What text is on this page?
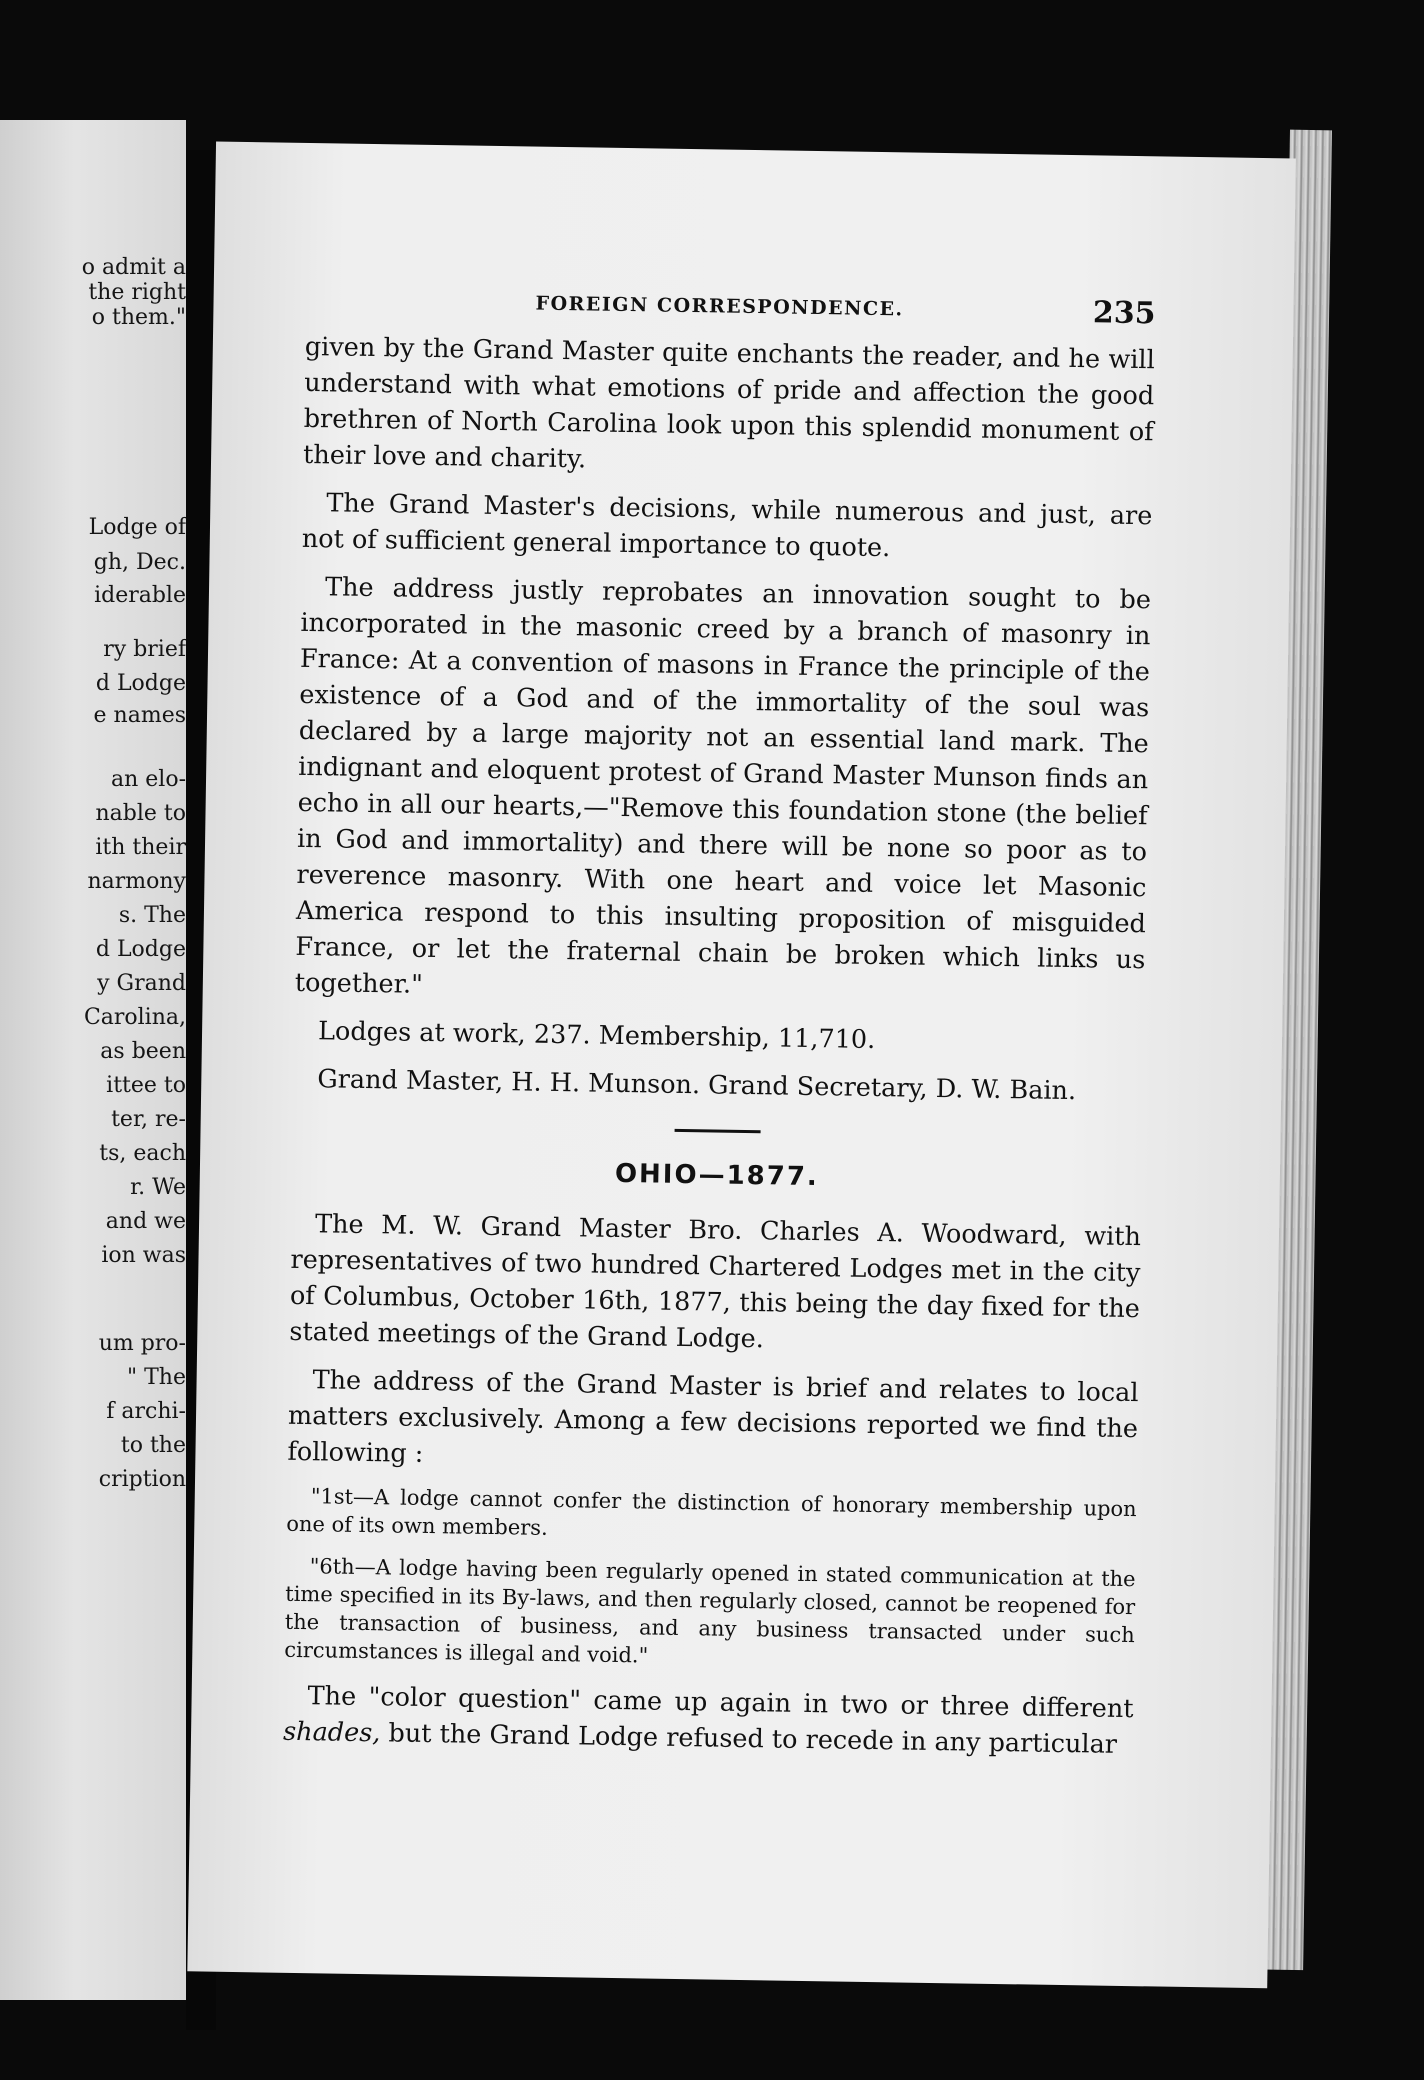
o admit a
the right
o them."
Lodge of
gh, Dec.
iderable
ry brief
d Lodge
e names
an elo-
nable to
ith their
narmony
s. The
d Lodge
y Grand
Carolina,
as been
ittee to
ter, re-
ts, each
r. We
and we
ion was
um pro-
" The
f archi-
to the
cription
FOREIGN CORRESPONDENCE.	235

given by the Grand Master quite enchants the reader, and he will understand with what emotions of pride and affection the good brethren of North Carolina look upon this splendid monument of their love and charity.

The Grand Master's decisions, while numerous and just, are not of sufficient general importance to quote.

The address justly reprobates an innovation sought to be incorporated in the masonic creed by a branch of masonry in France: At a convention of masons in France the principle of the existence of a God and of the immortality of the soul was declared by a large majority not an essential land mark. The indignant and eloquent protest of Grand Master Munson finds an echo in all our hearts,—"Remove this foundation stone (the belief in God and immortality) and there will be none so poor as to reverence masonry. With one heart and voice let Masonic America respond to this insulting proposition of misguided France, or let the fraternal chain be broken which links us together."

Lodges at work, 237. Membership, 11,710.

Grand Master, H. H. Munson. Grand Secretary, D. W. Bain.

OHIO—1877.

The M. W. Grand Master Bro. Charles A. Woodward, with representatives of two hundred Chartered Lodges met in the city of Columbus, October 16th, 1877, this being the day fixed for the stated meetings of the Grand Lodge.

The address of the Grand Master is brief and relates to local matters exclusively. Among a few decisions reported we find the following :

"1st—A lodge cannot confer the distinction of honorary membership upon one of its own members.

"6th—A lodge having been regularly opened in stated communication at the time specified in its By-laws, and then regularly closed, cannot be reopened for the transaction of business, and any business transacted under such circumstances is illegal and void."

The "color question" came up again in two or three different shades, but the Grand Lodge refused to recede in any particular
